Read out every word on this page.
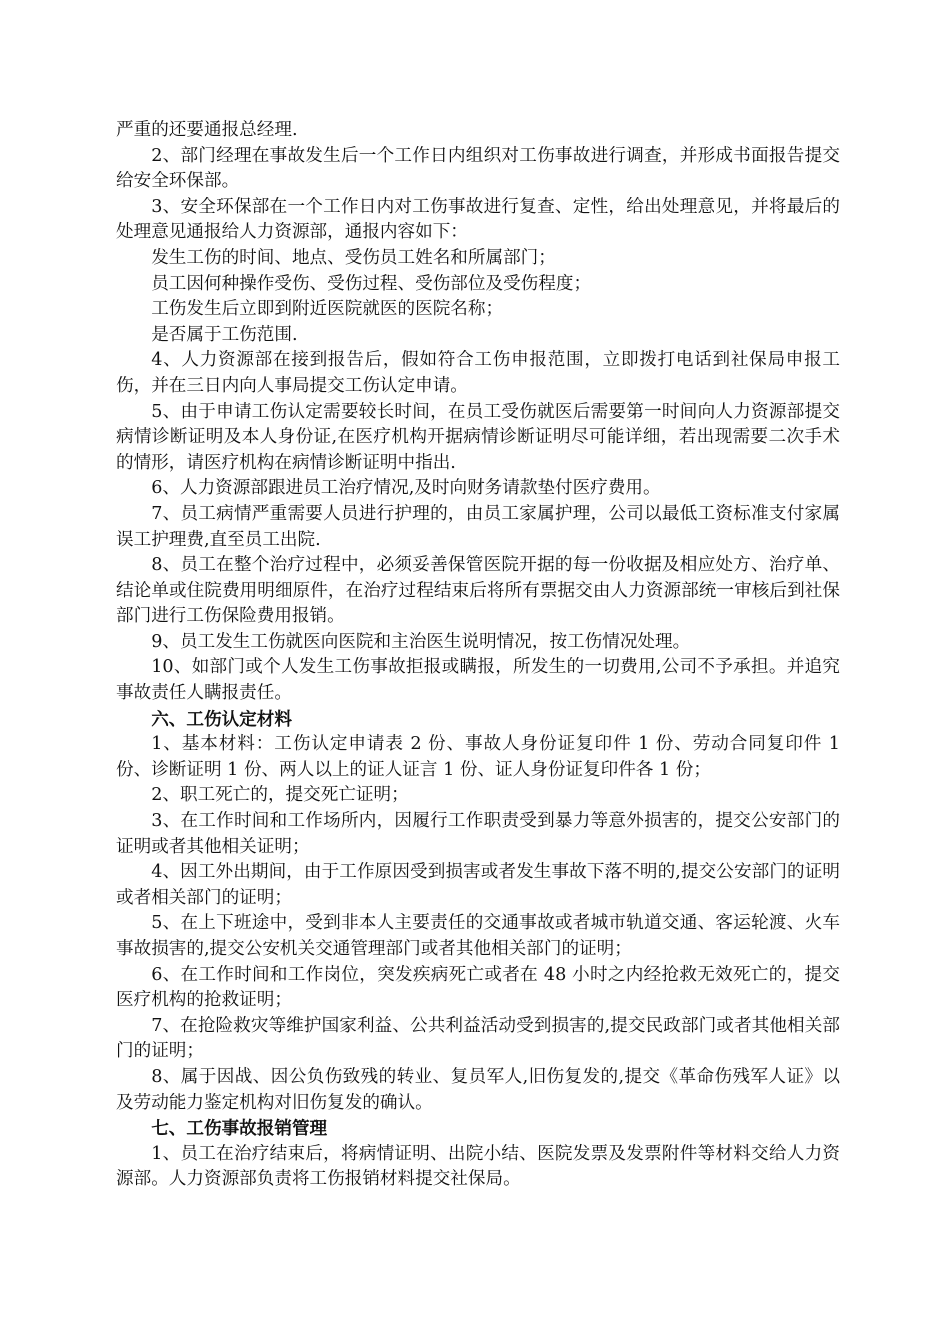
严重的还要通报总经理.

2、部门经理在事故发生后一个工作日内组织对工伤事故进行调查，并形成书面报告提交给安全环保部。

3、安全环保部在一个工作日内对工伤事故进行复查、定性，给出处理意见，并将最后的处理意见通报给人力资源部，通报内容如下：

发生工伤的时间、地点、受伤员工姓名和所属部门；

员工因何种操作受伤、受伤过程、受伤部位及受伤程度；

工伤发生后立即到附近医院就医的医院名称；

是否属于工伤范围.

4、人力资源部在接到报告后，假如符合工伤申报范围，立即拨打电话到社保局申报工伤，并在三日内向人事局提交工伤认定申请。

5、由于申请工伤认定需要较长时间，在员工受伤就医后需要第一时间向人力资源部提交病情诊断证明及本人身份证,在医疗机构开据病情诊断证明尽可能详细，若出现需要二次手术的情形，请医疗机构在病情诊断证明中指出.

6、人力资源部跟进员工治疗情况,及时向财务请款垫付医疗费用。

7、员工病情严重需要人员进行护理的，由员工家属护理，公司以最低工资标准支付家属误工护理费,直至员工出院.

8、员工在整个治疗过程中，必须妥善保管医院开据的每一份收据及相应处方、治疗单、结论单或住院费用明细原件，在治疗过程结束后将所有票据交由人力资源部统一审核后到社保部门进行工伤保险费用报销。

9、员工发生工伤就医向医院和主治医生说明情况，按工伤情况处理。

10、如部门或个人发生工伤事故拒报或瞒报，所发生的一切费用,公司不予承担。并追究事故责任人瞒报责任。

六、工伤认定材料

1、基本材料：工伤认定申请表 2 份、事故人身份证复印件 1 份、劳动合同复印件 1 份、诊断证明 1 份、两人以上的证人证言 1 份、证人身份证复印件各 1 份；

2、职工死亡的，提交死亡证明；

3、在工作时间和工作场所内，因履行工作职责受到暴力等意外损害的，提交公安部门的证明或者其他相关证明；

4、因工外出期间，由于工作原因受到损害或者发生事故下落不明的,提交公安部门的证明或者相关部门的证明；

5、在上下班途中，受到非本人主要责任的交通事故或者城市轨道交通、客运轮渡、火车事故损害的,提交公安机关交通管理部门或者其他相关部门的证明；

6、在工作时间和工作岗位，突发疾病死亡或者在 48 小时之内经抢救无效死亡的，提交医疗机构的抢救证明；

7、在抢险救灾等维护国家利益、公共利益活动受到损害的,提交民政部门或者其他相关部门的证明；

8、属于因战、因公负伤致残的转业、复员军人,旧伤复发的,提交《革命伤残军人证》以及劳动能力鉴定机构对旧伤复发的确认。

七、工伤事故报销管理

1、员工在治疗结束后，将病情证明、出院小结、医院发票及发票附件等材料交给人力资源部。人力资源部负责将工伤报销材料提交社保局。
